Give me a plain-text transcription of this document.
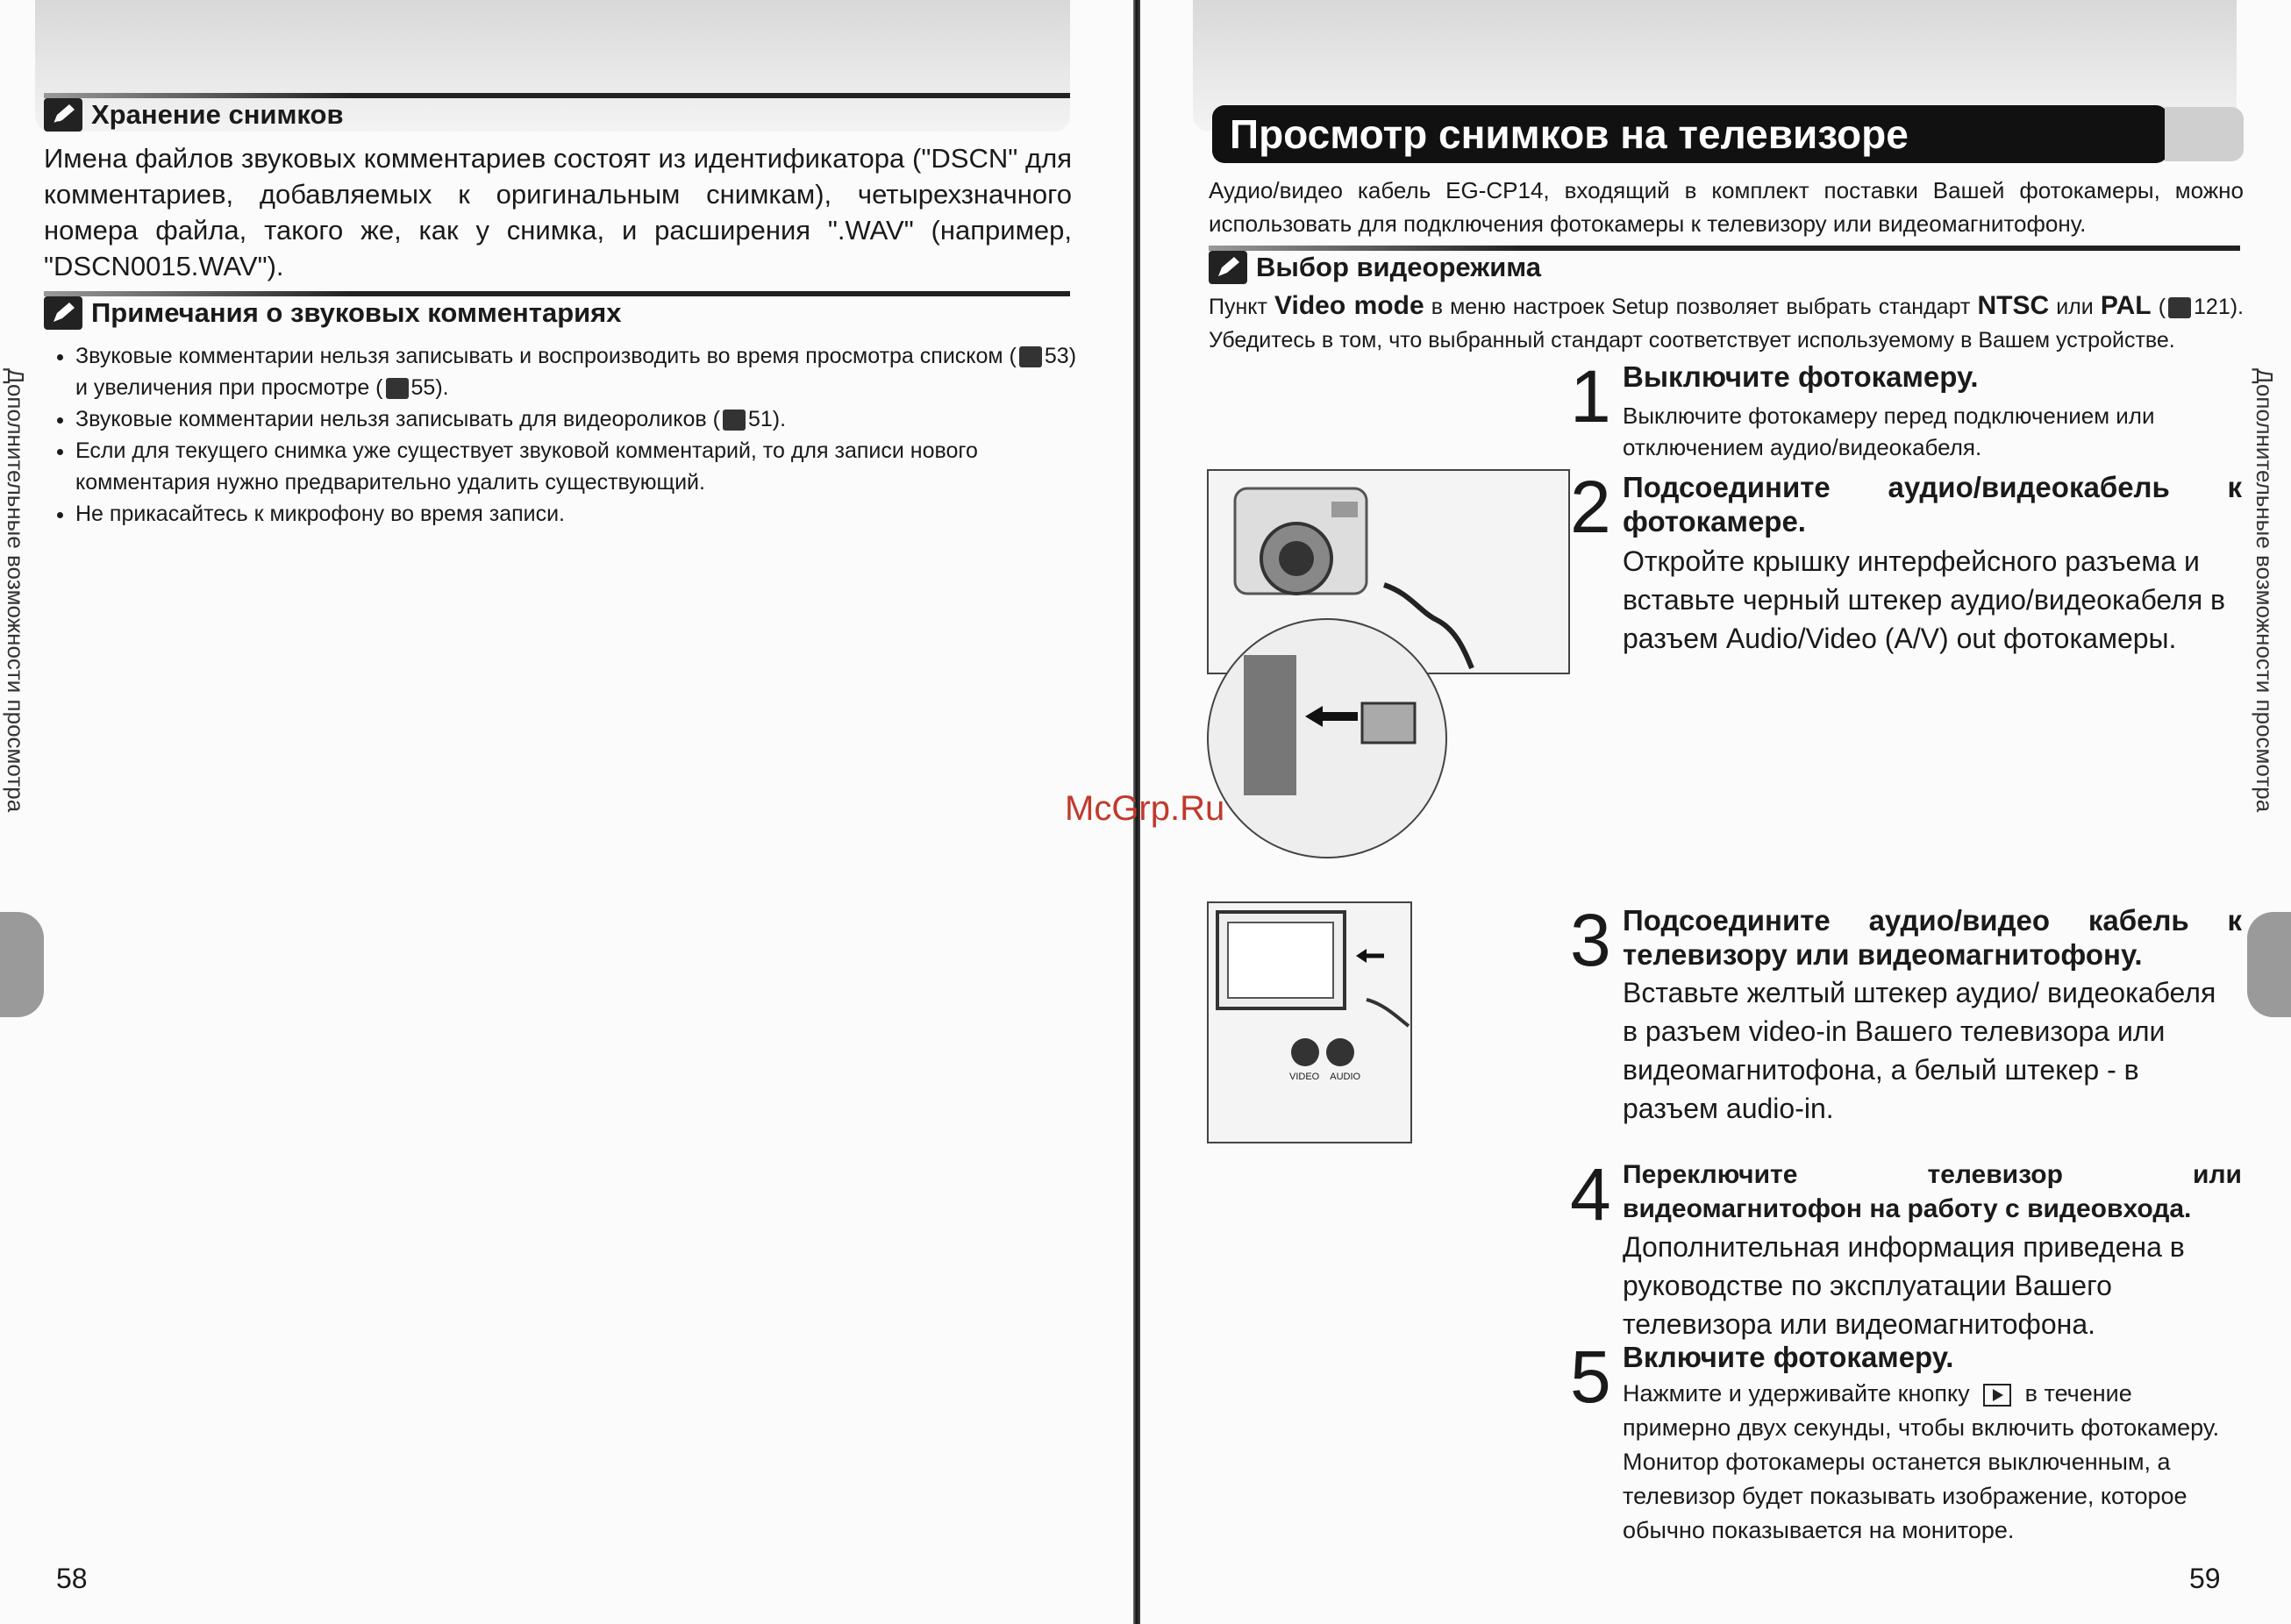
Хранение снимков
Имена файлов звуковых комментариев состоят из идентификатора ("DSCN" для комментариев, добавляемых к оригинальным снимкам), четырехзначного номера файла, такого же, как у снимка, и расширения ".WAV" (например, "DSCN0015.WAV").
Примечания о звуковых комментариях
• Звуковые комментарии нельзя записывать и воспроизводить во время просмотра списком ( 53) и увеличения при просмотре ( 55).
• Звуковые комментарии нельзя записывать для видеороликов ( 51).
• Если для текущего снимка уже существует звуковой комментарий, то для записи нового комментария нужно предварительно удалить существующий.
• Не прикасайтесь к микрофону во время записи.
Дополнительные возможности просмотра
58
Просмотр снимков на телевизоре
Аудио/видео кабель EG-CP14, входящий в комплект поставки Вашей фотокамеры, можно использовать для подключения фотокамеры к телевизору или видеомагнитофону.
Выбор видеорежима
Пункт Video mode в меню настроек Setup позволяет выбрать стандарт NTSC или PAL ( 121). Убедитесь в том, что выбранный стандарт соответствует используемому в Вашем устройстве.
VIDEO AUDIO
1 Выключите фотокамеру.
Выключите фотокамеру перед подключением или отключением аудио/видеокабеля.
2 Подсоедините аудио/видеокабель к фотокамере.
Откройте крышку интерфейсного разъема и вставьте черный штекер аудио/видеокабеля в разъем Audio/Video (A/V) out фотокамеры.
3 Подсоедините аудио/видео кабель к телевизору или видеомагнитофону.
Вставьте желтый штекер аудио/ видеокабеля в разъем video-in Вашего телевизора или видеомагнитофона, а белый штекер - в разъем audio-in.
4 Переключите телевизор или видеомагнитофон на работу с видеовхода.
Дополнительная информация приведена в руководстве по эксплуатации Вашего телевизора или видеомагнитофона.
5 Включите фотокамеру.
Нажмите и удерживайте кнопку в течение примерно двух секунды, чтобы включить фотокамеру. Монитор фотокамеры останется выключенным, а телевизор будет показывать изображение, которое обычно показывается на мониторе.
Дополнительные возможности просмотра
59
McGrp.Ru
